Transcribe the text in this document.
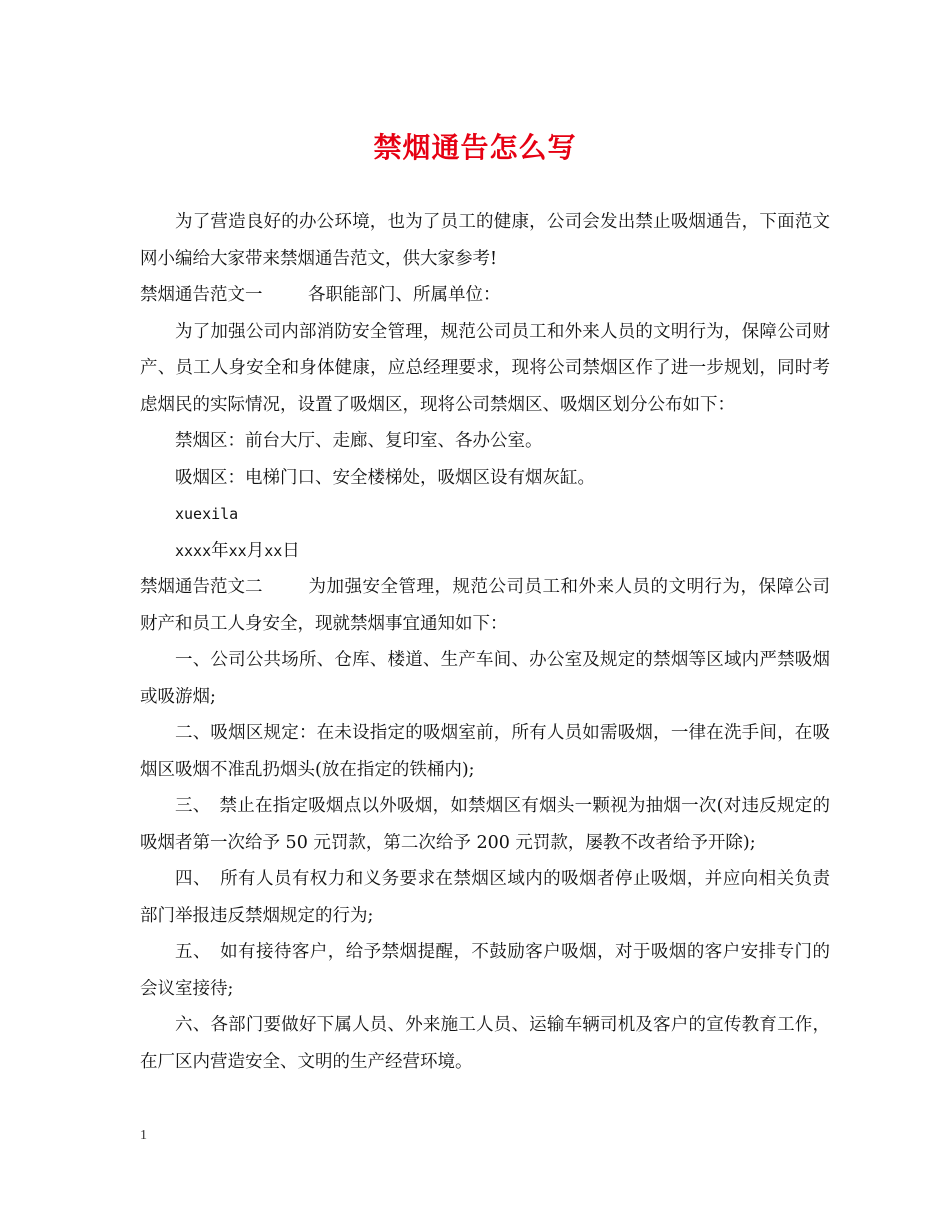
禁烟通告怎么写

为了营造良好的办公环境，也为了员工的健康，公司会发出禁止吸烟通告，下面范文网小编给大家带来禁烟通告范文，供大家参考!

禁烟通告范文一	各职能部门、所属单位：

为了加强公司内部消防安全管理，规范公司员工和外来人员的文明行为，保障公司财产、员工人身安全和身体健康，应总经理要求，现将公司禁烟区作了进一步规划，同时考虑烟民的实际情况，设置了吸烟区，现将公司禁烟区、吸烟区划分公布如下：

禁烟区：前台大厅、走廊、复印室、各办公室。

吸烟区：电梯门口、安全楼梯处，吸烟区设有烟灰缸。

xuexila

xxxx年xx月xx日

禁烟通告范文二	为加强安全管理，规范公司员工和外来人员的文明行为，保障公司财产和员工人身安全，现就禁烟事宜通知如下：

一、公司公共场所、仓库、楼道、生产车间、办公室及规定的禁烟等区域内严禁吸烟或吸游烟;

二、吸烟区规定：在未设指定的吸烟室前，所有人员如需吸烟，一律在洗手间，在吸烟区吸烟不准乱扔烟头(放在指定的铁桶内);

三、　禁止在指定吸烟点以外吸烟，如禁烟区有烟头一颗视为抽烟一次(对违反规定的吸烟者第一次给予 50 元罚款，第二次给予 200 元罚款，屡教不改者给予开除);

四、　所有人员有权力和义务要求在禁烟区域内的吸烟者停止吸烟，并应向相关负责部门举报违反禁烟规定的行为;

五、　如有接待客户，给予禁烟提醒，不鼓励客户吸烟，对于吸烟的客户安排专门的会议室接待;

六、各部门要做好下属人员、外来施工人员、运输车辆司机及客户的宣传教育工作，在厂区内营造安全、文明的生产经营环境。

1
